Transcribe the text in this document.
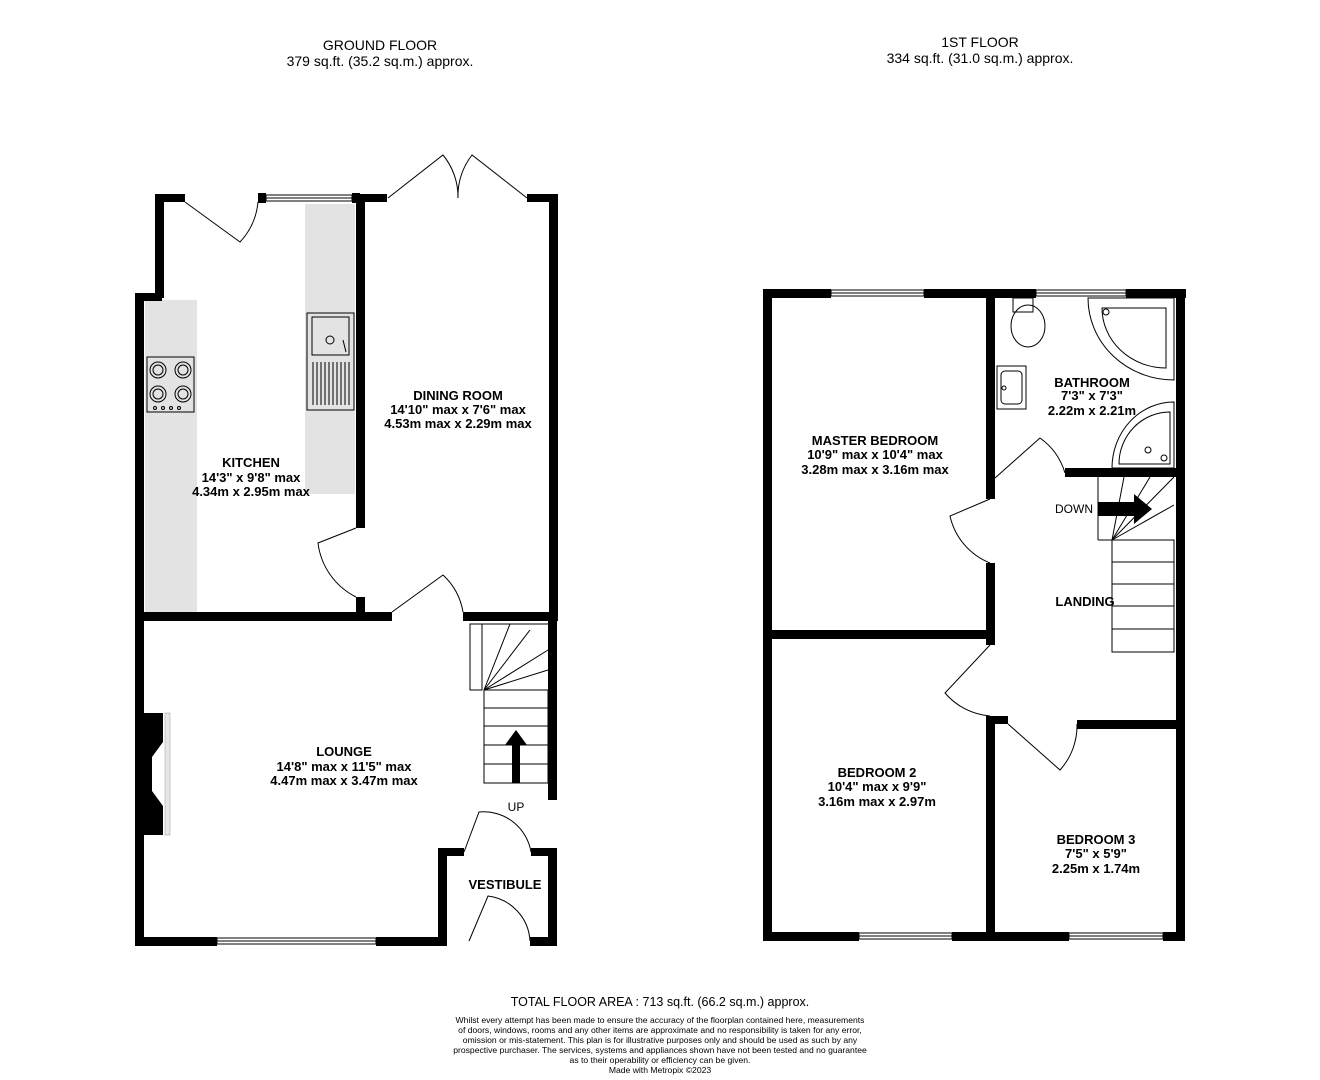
GROUND FLOOR
379 sq.ft. (35.2 sq.m.) approx.
1ST FLOOR
334 sq.ft. (31.0 sq.m.) approx.
KITCHEN
14'3" x 9'8" max
4.34m x 2.95m max
DINING ROOM
14'10" max x 7'6" max
4.53m max x 2.29m max
LOUNGE
14'8" max x 11'5" max
4.47m max x 3.47m max
VESTIBULE
UP
MASTER BEDROOM
10'9" max x 10'4" max
3.28m max x 3.16m max
BATHROOM
7'3" x 7'3"
2.22m x 2.21m
LANDING
DOWN
BEDROOM 2
10'4" max x 9'9"
3.16m max x 2.97m
BEDROOM 3
7'5" x 5'9"
2.25m x 1.74m
TOTAL FLOOR AREA : 713 sq.ft. (66.2 sq.m.) approx.
Whilst every attempt has been made to ensure the accuracy of the floorplan contained here, measurements
of doors, windows, rooms and any other items are approximate and no responsibility is taken for any error,
omission or mis-statement. This plan is for illustrative purposes only and should be used as such by any
prospective purchaser. The services, systems and appliances shown have not been tested and no guarantee
as to their operability or efficiency can be given.
Made with Metropix ©2023
